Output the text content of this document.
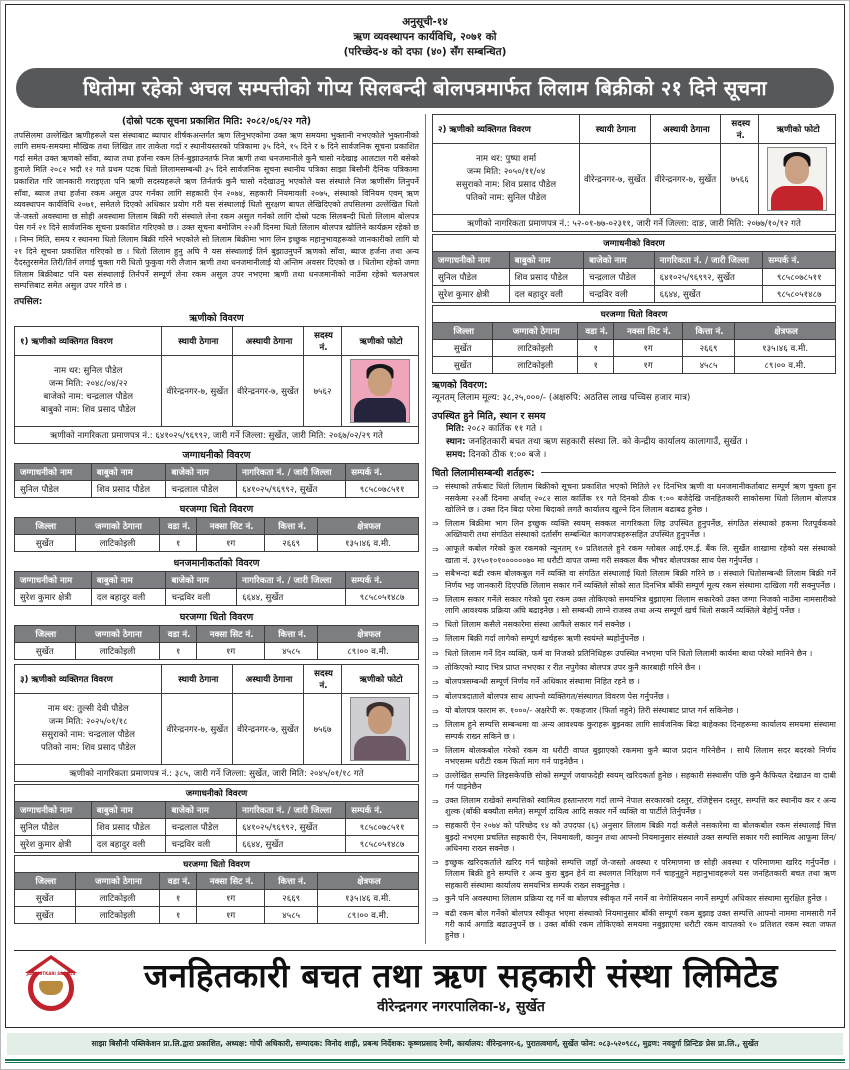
अनुसूची-१४
ऋण व्यवस्थापन कार्यविधि, २०७१ को
(परिच्छेद-४ को दफा (४०) सँग सम्बन्धित)
धितोमा रहेको अचल सम्पत्तीको गोप्य सिलबन्दी बोलपत्रमार्फत लिलाम बिक्रीको २१ दिने सूचना
(दोस्रो पटक सूचना प्रकाशित मिति: २०८२/०६/२२ गते)
तपसिलमा उल्लेखित ऋणीहरूले यस संस्थाबाट ब्यापार शीर्षकअन्तर्गत ऋण लिनुभएकोमा उक्त ऋण समयमा भुक्तानी नभएकोले भुक्तानीको लागि समय-समयमा मौखिक तथा लिखित तार ताकेता गर्दा र स्थानीयस्तरको पत्रिकामा ३५ दिने, १५ दिने र ७ दिने सार्वजनिक सूचना प्रकाशित गर्दा समेत उक्त ऋणको साँवा, ब्याज तथा हर्जना रकम तिर्न-बुझाउनतर्फ निज ऋणी तथा धनजमानीले कुनै चासो नदेखाइ आलटाल गरी बसेको हुनाले मिति २०८२ भदौ १२ गते प्रथम पटक धितो लिलामसम्बन्धी ३५ दिने सार्वजनिक सूचना स्थानीय पत्रिका साझा बिसौनी दैनिक पत्रिकामा प्रकाशित गरि जानकारी गराइएता पनि ऋणी सदस्यहरूले ऋण तिर्नतर्फ कुनै चासो नदेखाउनु भएकोले यस संस्थाले निज ऋणीसँग लिनुपर्ने साँवा, ब्याज तथा हर्जना रकम असुल उपर गर्नका लागि सहकारी ऐन २०७४, सहकारी नियमावली २०७५, संस्थाको विनियम एवम् ऋण व्यवस्थापन कार्यविधि २०७१, समेतले दिएको अधिकार प्रयोग गरी यस संस्थालाई धितो सुरक्षण बापत लेखिदिएको तपसिलमा उल्लेखित धितो जे-जस्तो अवस्थामा छ सोही अवस्थामा लिलाम बिक्री गरी संस्थाले लेना रकम असुल गर्नको लागि दोस्रो पटक सिलबन्दी धितो लिलाम बोलपत्र पेस गर्न २१ दिने सार्वजनिक सूचना प्रकाशित गरिएको छ । उक्त सूचना बमोजिम २२औं दिनमा धितो लिलाम बोलपत्र खोलिने कार्यक्रम रहेको छ । निम्न मिति, समय र स्थानमा धितो लिलाम बिक्री गरिने भएकोले सो लिलाम बिक्रीमा भाग लिन इच्छुक महानुभावहरूको जानकारीको लागि यो २१ दिने सूचना प्रकाशित गरिएको छ । धितो लिलाम हुनु अघि नै यस संस्थालाई तिर्न बुझाउनुपर्ने ऋणको साँवा, ब्याज हर्जना तथा अन्य दैदस्तुरसमेत तिरी/तिर्न लगाई चुक्ता गरी धितो फुकुवा गरी लैजान ऋणी तथा धनजमानीलाई यो अन्तिम अवसर दिएको छ । धितोमा रहेको जग्गा लिलाम बिक्रीबाट पनि यस संस्थालाई तिर्नपर्ने सम्पूर्ण लेना रकम असुल उपर नभएमा ऋणी तथा धनजमानीको नाउँमा रहेको चलअचल सम्पत्तिबाट समेत असुल उपर गरिने छ ।
तपसिल:
ऋणीको विवरण
१) ऋणीको व्यक्तिगत विवरण	स्थायी ठेगाना	अस्थायी ठेगाना	सदस्य नं.	ऋणीको फोटो

नाम थर: सुनिल पौडेल
जन्म मिति: २०४८/०४/२२
बाजेको नाम: चन्द्रलाल पौडेल
बाबुको नाम: शिव प्रसाद पौडेल	वीरेन्द्रनगर-७, सुर्खेत	वीरेन्द्रनगर-७, सुर्खेत	७५६२	

ऋणीको नागरिकता प्रमाणपत्र नं.: ६४१०२५/९६९९२, जारी गर्ने जिल्ला: सुर्खेत, जारी मिति: २०६७/०२/२९ गते				
जग्गाधनीको विवरण
जग्गाधनीको नाम	बाबुको नाम	बाजेको नाम	नागरिकता नं. / जारी जिल्ला	सम्पर्क नं.
सुनिल पौडेल	शिव प्रसाद पौडेल	चन्द्रलाल पौडेल	६४१०२५/९६९९२, सुर्खेत	९८५८०७८५११
घरजग्गा धितो विवरण
जिल्ला	जग्गाको ठेगाना	वडा नं.	नक्सा सिट नं.	कित्ता नं.	क्षेत्रफल
सुर्खेत	लाटिकोइली	१	१ग	२६६९	१३५।४६ व.मी.
धनजमानीकर्ताको विवरण
जग्गाधनीको नाम	बाबुको नाम	बाजेको नाम	नागरिकता नं. / जारी जिल्ला	सम्पर्क नं.
सुरेश कुमार क्षेत्री	दल बहादुर वली	चन्द्रविर वली	६६४४, सुर्खेत	९८५८०५१४८७
घरजग्गा धितो विवरण
जिल्ला	जग्गाको ठेगाना	वडा नं.	नक्सा सिट नं.	कित्ता नं.	क्षेत्रफल
सुर्खेत	लाटिकोइली	१	१ग	४५८५	८९।०० व.मी.
३) ऋणीको व्यक्तिगत विवरण	स्थायी ठेगाना	अस्थायी ठेगाना	सदस्य नं.	ऋणीको फोटो

नाम थर: तुल्सी देवी पौडेल
जन्म मिति: २०२५/०१/१८
ससुराको नाम: चन्द्रलाल पौडेल
पतिको नाम: शिव प्रसाद पौडेल	वीरेन्द्रनगर-७, सुर्खेत	वीरेन्द्रनगर-७, सुर्खेत	७५६७	

ऋणीको नागरिकता प्रमाणपत्र नं.: ३८५, जारी गर्ने जिल्ला: सुर्खेत, जारी मिति: २०४५/०१/१८ गते				
जग्गाधनीको विवरण				
जग्गाधनीको नाम	बाबुको नाम	बाजेको नाम	नागरिकता नं. / जारी जिल्ला	सम्पर्क नं.
सुनिल पौडेल	शिव प्रसाद पौडेल	चन्द्रलाल पौडेल	६४१०२५/९६९९२, सुर्खेत	९८५८०७८५११
सुरेश कुमार क्षेत्री	दल बहादुर वली	चन्द्रविर वली	६६४४, सुर्खेत	९८५८०५१४८७
घरजग्गा धितो विवरण					
जिल्ला	जग्गाको ठेगाना	वडा नं.	नक्सा सिट नं.	कित्ता नं.	क्षेत्रफल
सुर्खेत	लाटिकोइली	१	१ग	२६६९	१३५।४६ व.मी.
सुर्खेत	लाटिकोइली	१	१ग	४५८५	८९।०० व.मी.
२) ऋणीको व्यक्तिगत विवरण	स्थायी ठेगाना	अस्थायी ठेगाना	सदस्य नं.	ऋणीको फोटो

नाम थर: पुष्पा शर्मा
जन्म मिति: २०५०/११/०४
ससुराको नाम: शिव प्रसाद पौडेल
पतिको नाम: सुनिल पौडेल	वीरेन्द्रनगर-७, सुर्खेत	वीरेन्द्रनगर-७, सुर्खेत	७५६६	

ऋणीको नागरिकता प्रमाणपत्र नं.: ५२-०१-७७-०२३११, जारी गर्ने जिल्ला: दाङ, जारी मिति: २०७७/१०/१२ गते				
जग्गाधनीको विवरण				
जग्गाधनीको नाम	बाबुको नाम	बाजेको नाम	नागरिकता नं. / जारी जिल्ला	सम्पर्क नं.
सुनिल पौडेल	शिव प्रसाद पौडेल	चन्द्रलाल पौडेल	६४१०२५/९६९९२, सुर्खेत	९८५८०७८५११
सुरेश कुमार क्षेत्री	दल बहादुर वली	चन्द्रविर वली	६६४४, सुर्खेत	९८५८०५१४८७
घरजग्गा धितो विवरण					
जिल्ला	जग्गाको ठेगाना	वडा नं.	नक्सा सिट नं.	कित्ता नं.	क्षेत्रफल
सुर्खेत	लाटिकोइली	१	१ग	२६६९	१३५।४६ व.मी.
सुर्खेत	लाटिकोइली	१	१ग	४५८५	८९।०० व.मी.
ऋणको विवरण:
न्यूनतम् लिलाम मूल्य: ३८,२५,०००/- (अक्षरुपि: अठतिस लाख पच्चिस हजार मात्र)
उपस्थित हुने मिति, स्थान र समय
मिति: २०८२ कार्तिक ११ गते ।
स्थान: जनहितकारी बचत तथा ऋण सहकारी संस्था लि. को केन्द्रीय कार्यालय कालागाउँ, सुर्खेत ।
समय: दिनको ठीक १:०० बजे ।
धितो लिलामीसम्बन्धी शर्तहरू:
⇒ संस्थाको तर्फबाट धितो लिलाम बिक्रीको सूचना प्रकाशित भएको मितिले २१ दिनभित्र ऋणी वा धनजमानीकर्ताबाट सम्पूर्ण ऋण चुक्ता हुन नसकेमा २२औं दिनमा अर्थात् २०८२ साल कार्तिक ११ गते दिनको ठीक १:०० बजेदेखि जनहितकारी साकोसमा धितो लिलाम बोलपत्र खोलिने छ । उक्त दिन बिदा परेमा बिदाको लगतै कार्यालय खुल्ने दिन लिलाम बढाबढ हुनेछ ।
⇒ लिलाम बिक्रीमा भाग लिन इच्छुक व्यक्ति स्वयम् सक्कल नागरिकता लिइ उपस्थित हुनुपर्नेछ, संगठित संस्थाको हकमा रितपूर्वकको अख्तियारी तथा संगठित संस्थाको दर्तासँग सम्बन्धित कागजपत्रहरूसहित उपस्थित हुनुपर्नेछ ।
⇒ आफूले कबोल गरेको कुल रकमको न्यूनतम् १० प्रतिशतले हुने रकम ग्लोबल आई.एम.ई. बैंक लि. सुर्खेत शाखामा रहेको यस संस्थाको खाता नं. ३१५०१०१००००००७० मा धरौटी वापत जम्मा गरी सक्कल बैंक भौचर बोलपत्रका साथ पेस गर्नुपर्नेछ ।
⇒ सबैभन्दा बढी रकम बोलकबुल गर्ने व्यक्ति वा संगठित संस्थालाई धितो लिलाम बिक्री गरिने छ । संस्थाले धितोसम्बन्धी लिलाम बिक्री गर्ने निर्णय भइ जानकारी दिएपछि लिलाम सकार गर्ने व्यक्तिले सोको सात दिनभित्र बाँकी सम्पूर्ण मूल्य रकम संस्थामा दाखिला गरी सक्नुपर्नेछ ।
⇒ लिलाम सकार गर्नेले सकार गरेको पूरा रकम उक्त तोकिएको समयभित्र बुझाएमा लिलाम सकारेको उक्त जग्गा निजको नाउँमा नामसारीको लागि आवश्यक प्रक्रिया अघि बढाइनेछ । सो सम्बन्धी लाग्ने राजस्व तथा अन्य सम्पूर्ण खर्च धितो सकार्ने व्यक्तिले बेहोर्नु पर्नेछ ।
⇒ धितो लिलाम कसैले नसकारेमा संस्था आफैंले सकार गर्न सक्नेछ ।
⇒ लिलाम बिक्री गर्दा लागेको सम्पूर्ण खर्चहरू ऋणी स्वयंम्ले ब्यहोर्नुपर्नेछ ।
⇒ धितो लिलाम गर्ने दिन व्यक्ति, फर्म वा निजको प्रतिनिधिहरू उपस्थित नभएमा पनि धितो लिलामी कार्यमा बाधा परेको मानिने छैन ।
⇒ तोकिएको म्याद भित्र प्राप्त नभएका र रीत नपुगेका बोलपत्र उपर कुनै कारबाही गरिने छैन ।
⇒ बोलपत्रसम्बन्धी सम्पूर्ण निर्णय गर्ने अधिकार संस्थामा निहित रहने छ ।
⇒ बोलपत्रदाताले बोलपत्र साथ आफ्नो व्यक्तिगत/संस्थागत विवरण पेस गर्नुपर्नेछ ।
⇒ यो बोलपत्र फाराम रू. १०००/- अक्षरेपी रू. एकहजार (फिर्ता नहुने) तिरी संस्थाबाट प्राप्त गर्न सकिनेछ ।
⇒ लिलाम हुने सम्पत्ति सम्बन्धमा वा अन्य आवश्यक कुराहरू बुझ्नका लागि सार्वजनिक बिदा बाहेकका दिनहरूमा कार्यालय समयमा संस्थामा सम्पर्क राख्न सकिने छ ।
⇒ लिलाम बोलकबोल गरेको रकम वा धरौटी वापत बुझाएको रकममा कुनै ब्याज प्रदान गरिनेछैन । साथै लिलाम सदर बदरको निर्णय नभएसम्म धरौटी रकम फिर्ता माग गर्न पाइनेछैन ।
⇒ उल्लेखित सम्पत्ति लिइसकेपछि सोको सम्पूर्ण जवाफदेही स्वयम् खरिदकर्ता हुनेछ । सहकारी संस्थासँग पछि कुनै कैफियत देखाउन वा दाबी गर्न पाइनेछैन
⇒ उक्त लिलाम राखेको सम्पत्तिको स्वामित्व हस्तान्तरण गर्दा लाग्ने नेपाल सरकारको दस्तुर, रजिष्ट्रेसन दस्तुर, सम्पत्ति कर स्थानीय कर र अन्य शुल्क (बाँकी बक्यौता समेत) सम्पूर्ण दायित्व आदि सकार गर्ने व्यक्ति वा पार्टीले तिर्नुपर्नेछ ।
⇒ सहकारी ऐन २०७४ को परिच्छेद १४ को उपदफा (६) अनुसार लिलाम बिक्री गर्दा कसैले नसकारेमा वा बोलकबोल रकम संस्थालाई चित्त बुझ्दो नभएमा प्रचलित सहकारी ऐन, नियमावली, कानुन तथा आफ्नो नियमानुसार संस्थाले उक्त सम्पत्ति सकार गरी स्वामित्व आफूमा लिन/अधिनमा राख्न सक्नेछ ।
⇒ इच्छुक खरिदकर्ताले खरिद गर्न चाहेको सम्पत्ति जहाँ जे-जस्तो अवस्था र परिमाणमा छ सोही अवस्था र परिमाणमा खरिद गर्नुपर्नेछ । लिलाम बिक्री हुने सम्पत्ति र अन्य कुरा बुझ्न हेर्न वा स्थलगत निरिक्षण गर्न चाहनुहुने महानुभावहरूले यस जनहितकारी बचत तथा ऋण सहकारी संस्थामा कार्यालय समयभित्र सम्पर्क राख्न सक्नुहुनेछ ।
⇒ कुनै पनि अवस्थामा लिलाम प्रक्रिया रद्द गर्ने वा बोलपत्र स्वीकृत गर्ने नगर्ने वा नेगोसियसन नगर्ने सम्पूर्ण अधिकार संस्थामा सुरक्षित हुनेछ ।
⇒ बढी रकम बोल गर्नेको बोलपत्र स्वीकृत भएमा संस्थाको नियमानुसार बाँकी सम्पूर्ण रकम बुझाइ उक्त सम्पत्ति आफ्नो नाममा नामसारी गर्ने गरी कार्य अगाडि बढाउनुपर्ने छ । उक्त बाँकी रकम तोकिएको समयमा नबुझाएमा धरौटी रकम वापतको १० प्रतिशत रकम स्वतः जफत हुनेछ ।
JANAHITKARI SACCOS	जनहितकारी बचत तथा ऋण सहकारी संस्था लिमिटेड
वीरेन्द्रनगर नगरपालिका-४, सुर्खेत
साझा बिसौनी पब्लिकेशन प्रा.लि.द्वारा प्रकाशित, अध्यक्ष: गोपी अधिकारी, सम्पादक: विनोद शाही, प्रबन्ध निर्देशक: कृष्णप्रसाद रेग्मी, कार्यालय: वीरेन्द्रनगर-६, पुरातत्वमार्ग, सुर्खेत फोन: ०८३-५२०९८८, मुद्रण: नवदुर्गा प्रिन्टिङ प्रेस प्रा.लि., सुर्खेत
